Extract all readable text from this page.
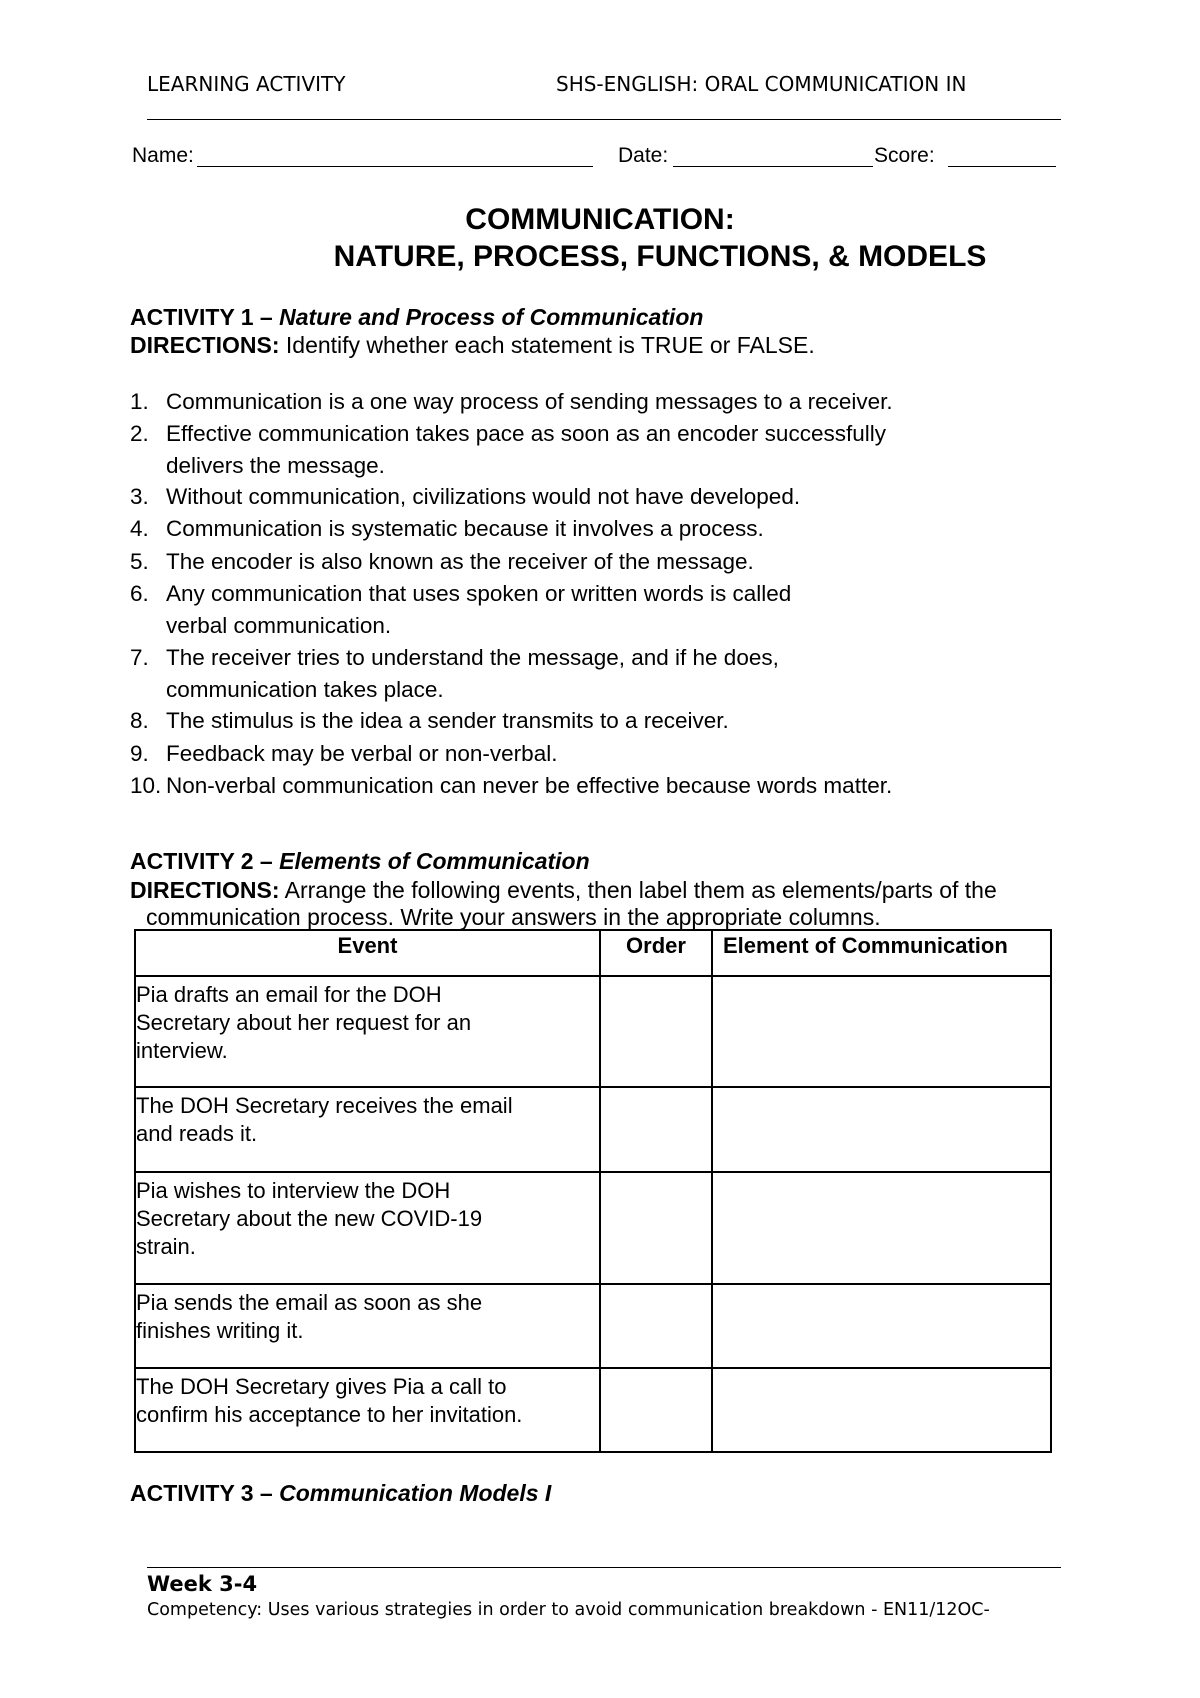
LEARNING ACTIVITY	SHS-ENGLISH: ORAL COMMUNICATION IN
Name:	Date:	Score:
COMMUNICATION:
NATURE, PROCESS, FUNCTIONS, & MODELS
ACTIVITY 1 – Nature and Process of Communication
DIRECTIONS: Identify whether each statement is TRUE or FALSE.
1. Communication is a one way process of sending messages to a receiver.
2. Effective communication takes pace as soon as an encoder successfully
delivers the message.
3. Without communication, civilizations would not have developed.
4. Communication is systematic because it involves a process.
5. The encoder is also known as the receiver of the message.
6. Any communication that uses spoken or written words is called
verbal communication.
7. The receiver tries to understand the message, and if he does,
communication takes place.
8. The stimulus is the idea a sender transmits to a receiver.
9. Feedback may be verbal or non-verbal.
10. Non-verbal communication can never be effective because words matter.
ACTIVITY 2 – Elements of Communication
DIRECTIONS: Arrange the following events, then label them as elements/parts of the
communication process. Write your answers in the appropriate columns.
Event	Order	Element of Communication

Pia drafts an email for the DOH
Secretary about her request for an
interview.		

The DOH Secretary receives the email
and reads it.		

Pia wishes to interview the DOH
Secretary about the new COVID-19
strain.		

Pia sends the email as soon as she
finishes writing it.		

The DOH Secretary gives Pia a call to
confirm his acceptance to her invitation.		

ACTIVITY 3 – Communication Models I
Week 3-4
Competency: Uses various strategies in order to avoid communication breakdown - EN11/12OC-
